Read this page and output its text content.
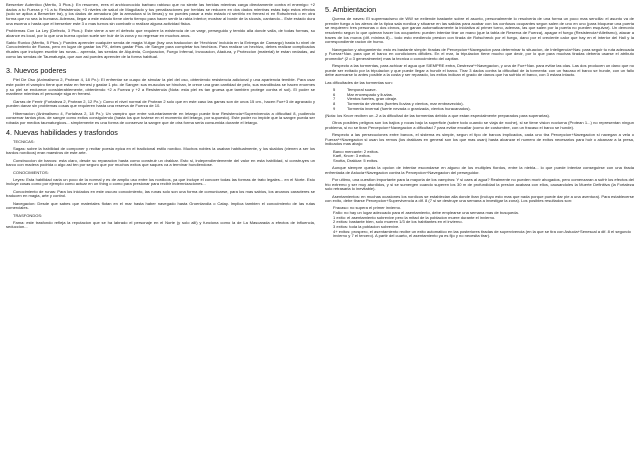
Berserker Autentico (Merito, 3 Ptos.): En resumen, eres el archiconocido barbaro rabioso que no siente las heridas mientras carga directamente contra el enemigo: +2 dados a tu Fuerza y +1 a tu Resistencia; +3 niveles de salud de Magullado y tus penalizaciones por heridas se reducen en dos dados mientras estas bajo estos efectos (solo se aplica a Berserker ira), y los dados de armadura (de la armadura si la llevas) y no puedes pasar a esto estado ni sentirlo en frenesi ni en Rotschreck o en otra forma que no sea la humana. Ademas, llegar a este estado tiene cierto tiempo para hacer sentir la rabia interior; mostrar al borde de la sicosis, cantando... Este estado dura una escena o hasta que el berserker este 3 o mas turnos sin combatir o realizar alguna actividad fisica.

Problemas Con La Ley (Defecto, 3 Ptos.): Este viene a ser el defecto que requiere la existencia de un vargr, perseguido y temido alla donde valla, de todas formas, su alcance es local, por lo que una buena opcion suele ser huir de la zona y no regresar en muchos anos.

Sabio Runico (Merito, 5 Ptos.): Puedes aprender cualquier senda de magia Vulgar (hay una traduccion de 'Hechizos' incluida en la Entrega de Camargo) hasta tu nivel de Conocimiento de Runas, pero en lugar de gastar los PX, debes gastar Ptos. de Sangre para completar tus hechizos. Para realizar un hechizo, debes realizar complicados rituales que incluyen escribir las runas... aprenda, las sendas de Alquimia, Conjuracion, Fuego Infernal, Invocacion, Atadura, y Proteccion (material) te estan vedadas, asi como las sendas de Taumaturgia, que aun asi puedes aprender de la forma habitual.

3. Nuevos poderes

Piel De Oso (Animalismo 2, Protean 4, 18 Px.): El enfrentar se cuapo de simular la piel del oso, obteniendo resistencia adicional y una apariencia temible. Para usar este poder el vampiro tiene que estar en frenesi y gastar 1 pto. de Sangre: sus musculos se hinchan, le crece una gran cantidad de pelo, sus mandibulas se hacen enormes y su piel se endurece considerablemente, obteniendo +2 a Fuerza y +2 a Resistencia (Nota: esta piel es tan gruesa que tambien protege contra el sol). El poder se mantiene mientras el personaje siga en frenesi.

Garras de Fenrir (Fortaleza 2, Protean 2, 12 Px.): Como el nivel normal de Protean 2 solo que en este caso las garras son de unos 15 cm., hacen Fue+3 de agravado y pueden danar sin problemas cosas que requieren hasta una reserva de Fuerza de 10.

Hibernacion (Animalismo 4, Fortaleza 2, 18 Px.): Un vampiro que entre voluntariamente en letargo puede tirar Resistencia+Supervivencia a dificultad 8, pudiendo conservar tantos ptos. de sangre como exitos consiguiendo (hasta los que tuviese en el momento del letargo, por supuesto). Este poder no impide que la sangre pueda ser robada por medios taumaturgicos... simplemente es una forma de conservar la sangre que de otra forma seria consumida durante el letargo.

4. Nuevas habilidades y trasfondos

TECNICAS:

Sagas: sobre la habilidad de componer y recitar poesia epica en el tradicional estilo nordico. Muchos nobles la usaban habitualmente, y los skaldos (vienen a ser los bardos nordicos) eran maestros de este arte.

Construccion de barcos: esta claro, desde su reparacion hasta como construir un drakkar. Esto si, independientemente del valor en esta habilidad, si construyes un barco con madera podrida o algo asi ten por seguro que por muchos exitos que saques va a terminar hundiendose.

CONOCIMIENTOS:

Leyes: Esta habilidad varia un poco de la normal y es de amplio uso entre los nordicos, ya que incluye el conocer todas las formas de trato legales... en el Norte. Esto incluye cosas como por ejemplo como actuar en un thing o como para presionar para recibir indemnizaciones...

Conocimiento de runas: Para los iniciados en este oscuro conocimiento, las runas solo son una forma de comunicarse, para los mas sabios, los arcanos caracteres se traducen en magia, arte y control.

Navegacion: Desde que sabes que materiales flotan en el mar hasta haber navegado hasta Groenlandia o Catay. Implica tambien el conocimiento de las rutas comerciales.

TRASFONDOS:

Fama: este trasfondo refleja la reputacion que se ha labrado el personaje en el Norte (y solo alli) y funciona como la de La Mascarada a efectos de influencia, seduccion...

5. Ambientacion

Quema de naves: El supremacismo de WW se extiende bastante sobre el asunto, personalmente lo resolveria de una forma un poco mas sencilla: el asunto va de prender fuego a los aleros de la tipica sala nordica y situarse en las salidas para acabar con los confusos ocupantes segun salen de uno en uno (para bloquear una puerta se requieren: tres personas o dos cinnos, que ganan automaticamente la iniciativa al primer turno, ademas, las que salen por la puerta no pueden esquivar). Un demonio resolverlo segun lo que quieran hacer los ocupantes: pueden intentar tirar un mano (que la tabla de Reserva de Fuerza), apagar el fuego (Resistencia+Atletismo), atacar a traves de los muros (dif. minima 8)... todo esto mediendo presion con tirada de Rotschreck por el fuego, dano por el creciente calor que hay en el interior del Hall y la correspondiente racion de humo.

Navegacion y ahogamiento: esto es bastante simple: tiradas de Percepcion+Navegacion para determinar tu situacion, de Inteligencia+Nav. para seguir tu ruta adecuada y Fuerza+Nav. para que el barco en condiciones dificiles. En el mar, la tripulacion tiene mucho que decir, por lo que para muchas tiradas deberia usarse el atributo promedio* (2 o 3 generalmente) mas la tecnica o conocimiento del capitan.

Respecto a las tormentas, para achicar el agua que SIEMPRE entra, Destreza*+Navegacion, y una de Fue+Nav. para evitar las olas. Las dos producen un dano que no puede ser evitado por la tripulacion y que puede llegar a hundir el barco. Tirar 3 dados contra la dificultad de la tormenta: con un fracaso el barco se hunde, con un fallo debe acercarse lo antes posible a la costa y ser reparado, los exitos indican el grado de danos que ha sufrido el barco, con 3 estara intacto.

Las dificultades de las tormentas son:

5	Temporal suave.
6	Mar encrespado y lluvias.
7	Vientos fuertes, gran oleaje.
8	Tormenta de vientos (fuertes lluvias y vientos, mar embravecido).
9	Tormenta invernal (fuerte nevada o granizada, vientos huracanados).

(Nota: los Knorr reciben un -2 a la dificultad de las tormentas debido a que estan especialmente preparados para superarlas).

Otros posibles peligros son los bajios y rocas bajo la superficie (sobre todo cuando se viaja de noche), si se tiene vision nocturna (Protean 1...) no representan ningun problema, si no se tiran Percepcion+Navegacion a dificultad 7 para evitar encallar (como de costumbre, con un fracaso el barco se hunde).

Respecto a las persecuciones entre barcos, el sistema es simple, segun el tipo de barcos implicados, cada uno tira Percepcion+Navegacion si navegan a vela o Fuerza*+Navegacion si usan los remos (los drakkars en general son los que mas usan) hasta alcanzar el numero de exitos necesarios para huir o alcanzar a la presa, indicados mas abajo:

Barco mercante: 2 exitos.
Karfi, Knorr: 3 exitos.
Snotta, Drakkar: 5 exitos.

Aunque siempre queda la opcion de intentar escondarse en alguno de los multiples fiordos, entre la niebla... lo que puede intentar conseguirse con una tirada enfrentada de Astucia+Navegacion contra la Percepcion+Navegacion del perseguidor.

Por ultimo, una cuestion importante para la mayoria de los vampiros: Y si caes al agua? Realmente no pueden morir ahogados, pero comenzaran a sufrir los efectos del frio extremo y ser muy aturdidos, y si se sumergen cuando superen los 30 m de profundidad la presion acabara con ellos, causandoles la Muerte Definitiva (la Fortaleza solo retrasaria lo inevitable).

Asentamientos: en muchas ocasiones los nordicos se establecian alla donde iban (incluyo esto mas que nada porque puede dar pie a una aventura). Para establecerse con exito, debe tirarse Percepcion+Supervivencia a dif. 8 (7 si se destruye una semana a investigar la zona). Los posibles resultados son:

Fracaso: no supera el primer invierno.
Fallo: no hay un lugar adecuado para el asentamiento, debe emplearse una semana mas de busqueda.
1 exito: el asentamiento sobrevive pero la mitad de la poblacion muere durante el invierno.
2 exitos: bastante bien, solo mueren 1/3 de los habitantes en el invierno.
3 exitos: toda la poblacion sobrevive.
4+ exitos: prospero, el asentamiento recibe un exito automatico en las posteriores tiradas de supervivencia (en la que se tira con Astucia+Senescal a dif. 8 el segundo invierno y 7 el tercero). A partir del cuarto, el asentamiento ya es fijo y no necesita tirar).
